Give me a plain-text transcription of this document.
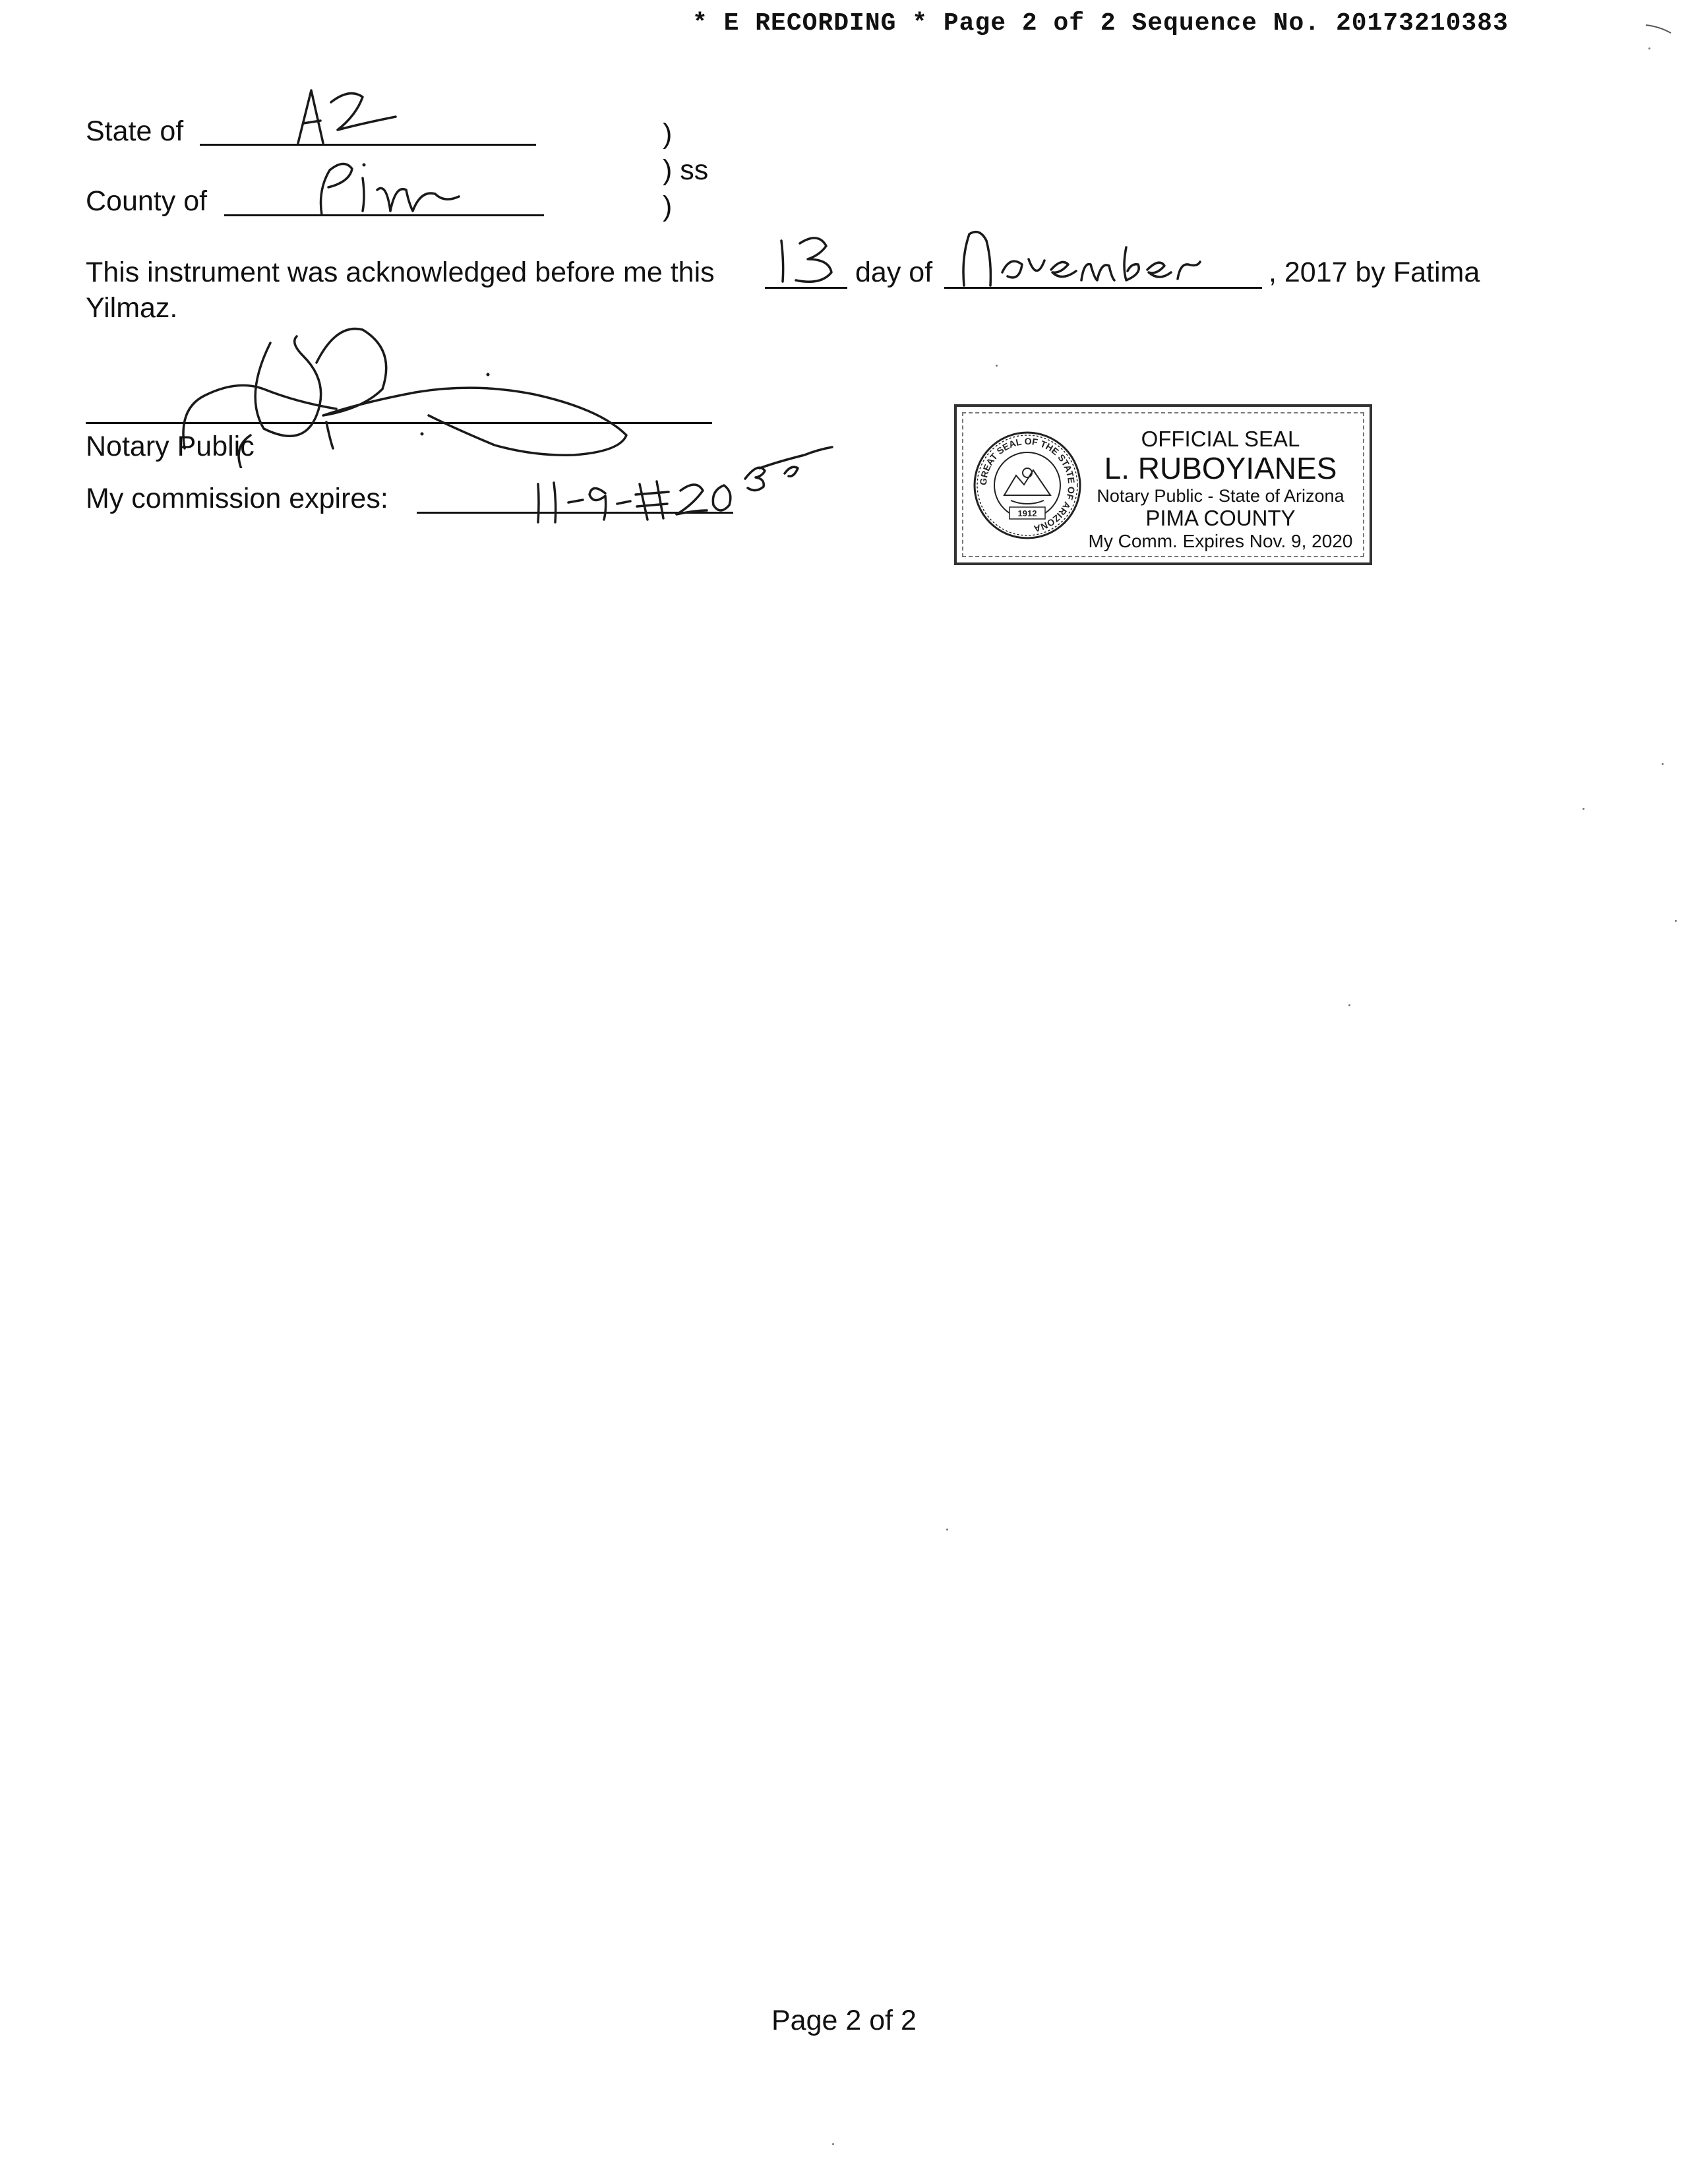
* E RECORDING * Page 2 of 2 Sequence No. 20173210383
State of	)
) ss
)
County of
This instrument was acknowledged before me this	day of	, 2017 by Fatima
Yilmaz.
Notary Public
My commission expires:
GREAT SEAL OF THE STATE OF ARIZONA
1912
OFFICIAL SEAL
L. RUBOYIANES
Notary Public - State of Arizona
PIMA COUNTY
My Comm. Expires Nov. 9, 2020
Page 2 of 2
